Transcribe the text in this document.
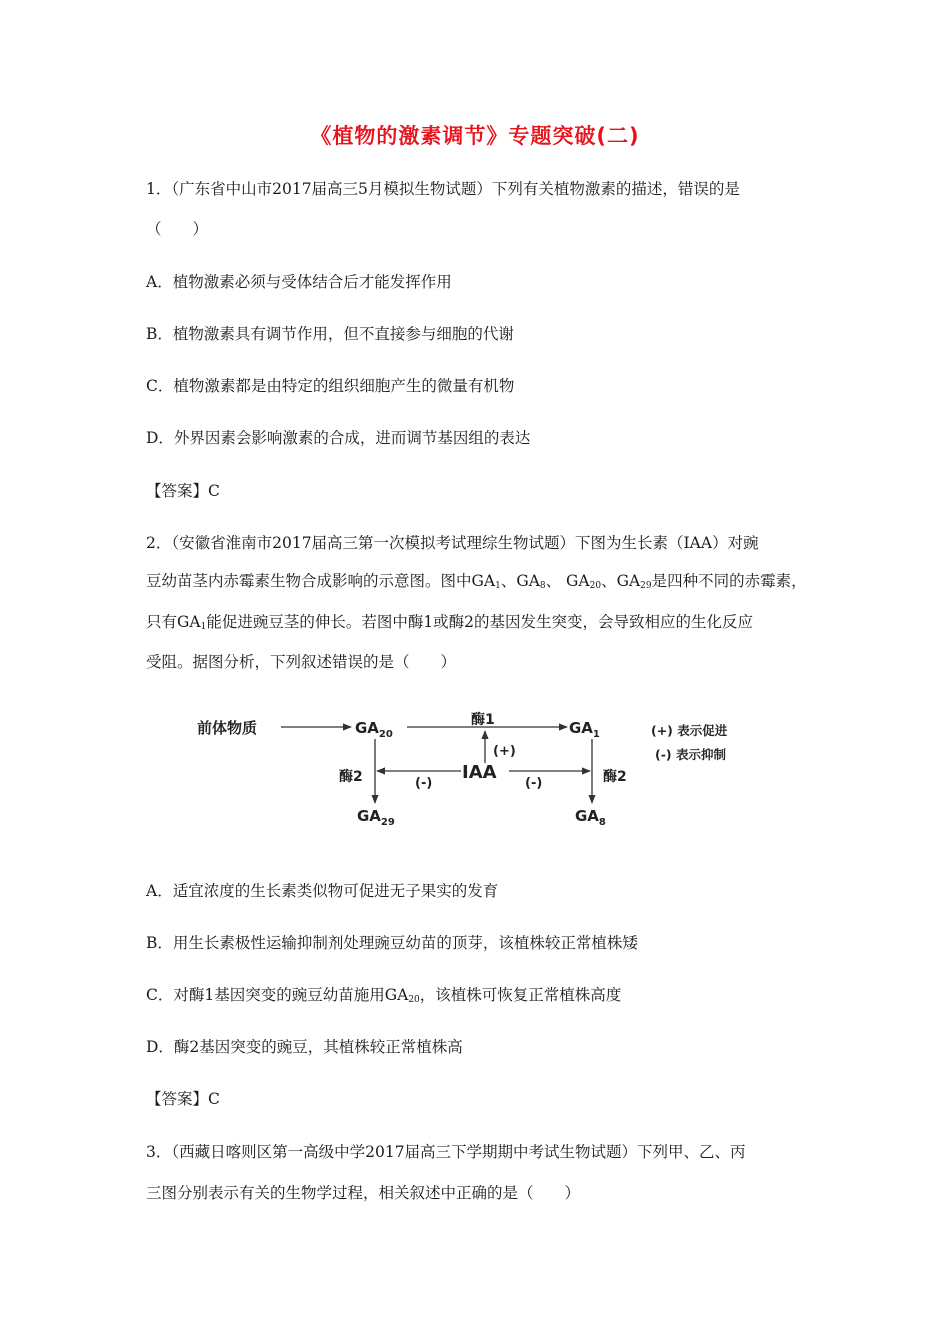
《植物的激素调节》专题突破(二)
1．（广东省中山市2017届高三5月模拟生物试题）下列有关植物激素的描述，错误的是
（　　）
A．植物激素必须与受体结合后才能发挥作用
B．植物激素具有调节作用，但不直接参与细胞的代谢
C．植物激素都是由特定的组织细胞产生的微量有机物
D．外界因素会影响激素的合成，进而调节基因组的表达
【答案】C
2．（安徽省淮南市2017届高三第一次模拟考试理综生物试题）下图为生长素（IAA）对豌
豆幼苗茎内赤霉素生物合成影响的示意图。图中$GA_1$、$GA_8$、 $GA_{20}$、$GA_{29}$是四种不同的赤霉素，
只有$GA_1$能促进豌豆茎的伸长。若图中酶1或酶2的基因发生突变，会导致相应的生化反应
受阻。据图分析，下列叙述错误的是（　　）
前体物质	$GA_{20}$	$GA_1$
$GA_{29}$	$GA_8$
酶1
酶2	酶2
IAA
(+)
(-)	(-)
(+) 表示促进
(-) 表示抑制
A．适宜浓度的生长素类似物可促进无子果实的发育
B．用生长素极性运输抑制剂处理豌豆幼苗的顶芽，该植株较正常植株矮
C．对酶1基因突变的豌豆幼苗施用$GA_{20}$，该植株可恢复正常植株高度
D．酶2基因突变的豌豆，其植株较正常植株高
【答案】C
3．（西藏日喀则区第一高级中学2017届高三下学期期中考试生物试题）下列甲、乙、丙
三图分别表示有关的生物学过程，相关叙述中正确的是（　　）
